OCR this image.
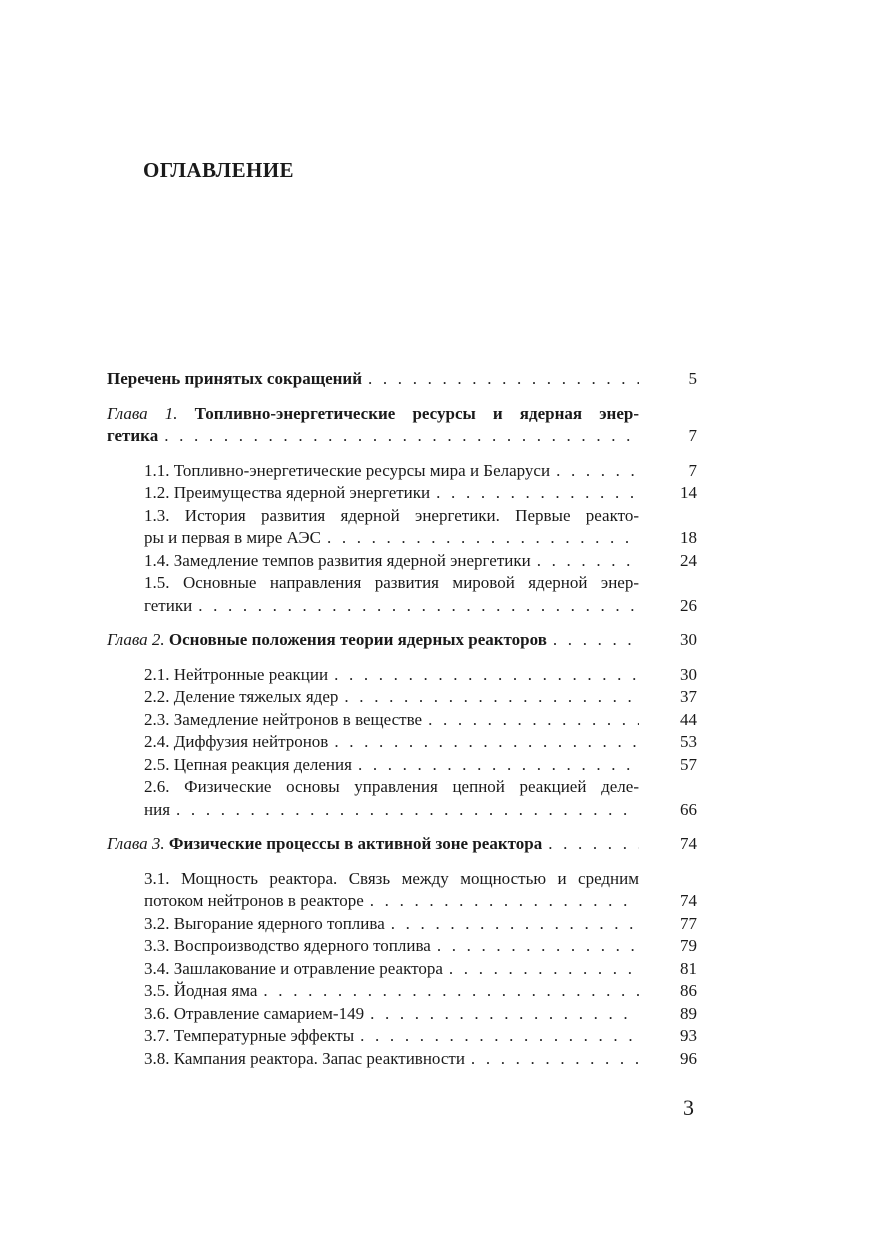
ОГЛАВЛЕНИЕ
Перечень принятых сокращений . . .	5
Глава 1. Топливно-энергетические ресурсы и ядерная энер-
гетика . . .	7
1.1. Топливно-энергетические ресурсы мира и Беларуси . . .	7
1.2. Преимущества ядерной энергетики . . .	14
1.3. История развития ядерной энергетики. Первые реакто-
ры и первая в мире АЭС . . .	18
1.4. Замедление темпов развития ядерной энергетики . . .	24
1.5. Основные направления развития мировой ядерной энер-
гетики . . .	26
Глава 2. Основные положения теории ядерных реакторов . . .	30
2.1. Нейтронные реакции . . .	30
2.2. Деление тяжелых ядер . . .	37
2.3. Замедление нейтронов в веществе . . .	44
2.4. Диффузия нейтронов . . .	53
2.5. Цепная реакция деления . . .	57
2.6. Физические основы управления цепной реакцией деле-
ния . . .	66
Глава 3. Физические процессы в активной зоне реактора . . .	74
3.1. Мощность реактора. Связь между мощностью и средним
потоком нейтронов в реакторе . . .	74
3.2. Выгорание ядерного топлива . . .	77
3.3. Воспроизводство ядерного топлива . . .	79
3.4. Зашлакование и отравление реактора . . .	81
3.5. Йодная яма . . .	86
3.6. Отравление самарием-149 . . .	89
3.7. Температурные эффекты . . .	93
3.8. Кампания реактора. Запас реактивности . . .	96
3
